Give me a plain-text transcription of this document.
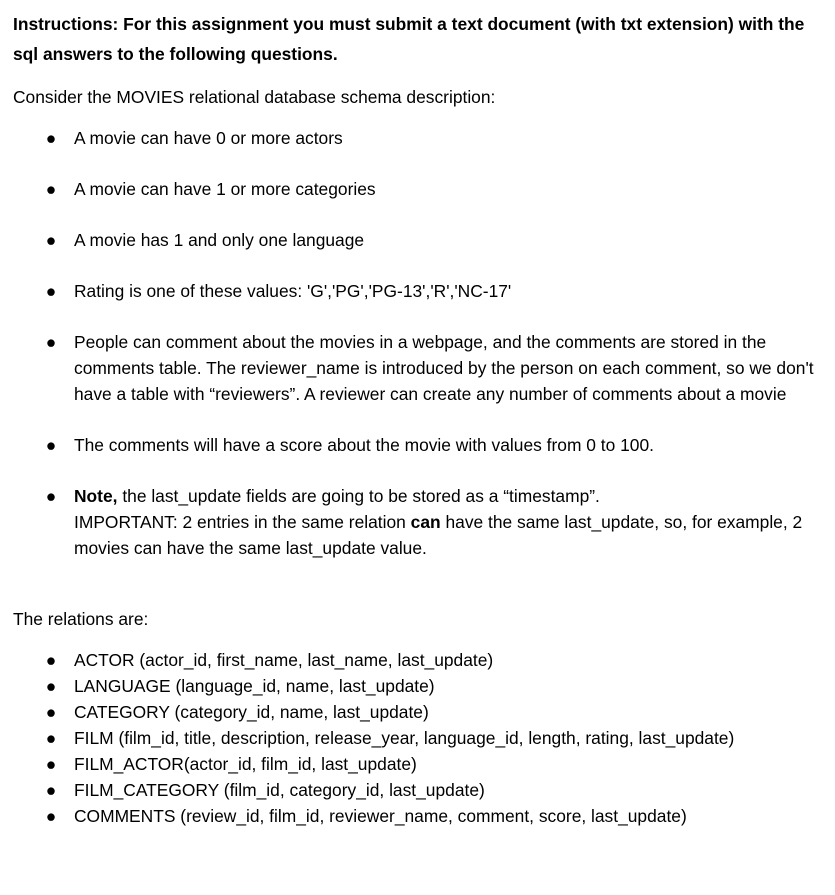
Instructions: For this assignment you must submit a text document (with txt extension) with the sql answers to the following questions.

Consider the MOVIES relational database schema description:

● A movie can have 0 or more actors
● A movie can have 1 or more categories
● A movie has 1 and only one language
● Rating is one of these values: 'G','PG','PG-13','R','NC-17'
● People can comment about the movies in a webpage, and the comments are stored in the comments table. The reviewer_name is introduced by the person on each comment, so we don't have a table with “reviewers”. A reviewer can create any number of comments about a movie
● The comments will have a score about the movie with values from 0 to 100.
● Note, the last_update fields are going to be stored as a “timestamp”.
IMPORTANT: 2 entries in the same relation can have the same last_update, so, for example, 2 movies can have the same last_update value.

The relations are:

● ACTOR (actor_id, first_name, last_name, last_update)
● LANGUAGE (language_id, name, last_update)
● CATEGORY (category_id, name, last_update)
● FILM (film_id, title, description, release_year, language_id, length, rating, last_update)
● FILM_ACTOR(actor_id, film_id, last_update)
● FILM_CATEGORY (film_id, category_id, last_update)
● COMMENTS (review_id, film_id, reviewer_name, comment, score, last_update)
